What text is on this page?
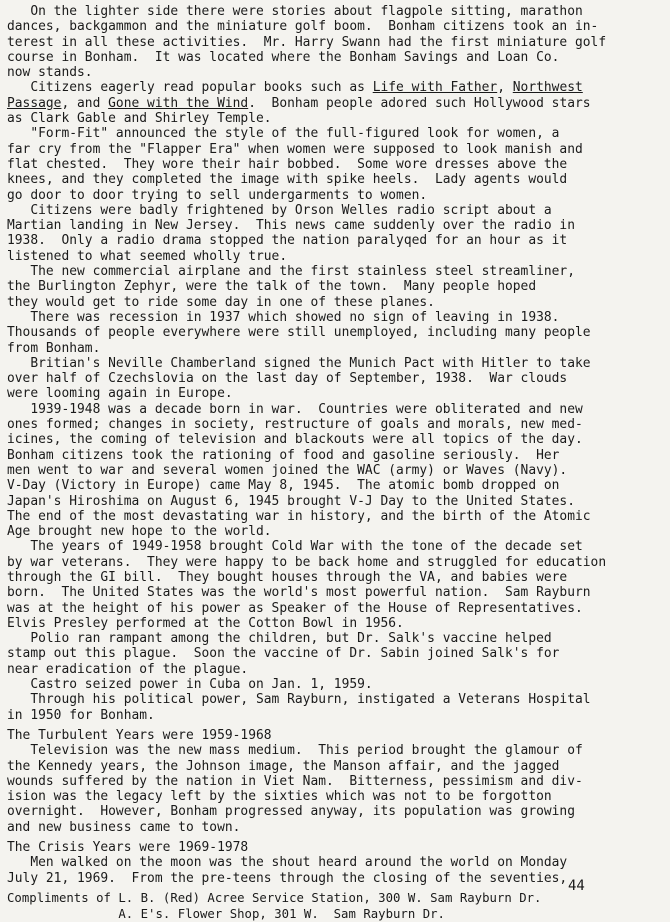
On the lighter side there were stories about flagpole sitting, marathon

dances, backgammon and the miniature golf boom.  Bonham citizens took an in-

terest in all these activities.  Mr. Harry Swann had the first miniature golf

course in Bonham.  It was located where the Bonham Savings and Loan Co.

now stands.

Citizens eagerly read popular books such as Life with Father, Northwest

Passage, and Gone with the Wind.  Bonham people adored such Hollywood stars

as Clark Gable and Shirley Temple.

"Form-Fit" announced the style of the full-figured look for women, a

far cry from the "Flapper Era" when women were supposed to look manish and

flat chested.  They wore their hair bobbed.  Some wore dresses above the

knees, and they completed the image with spike heels.  Lady agents would

go door to door trying to sell undergarments to women.

Citizens were badly frightened by Orson Welles radio script about a

Martian landing in New Jersey.  This news came suddenly over the radio in

1938.  Only a radio drama stopped the nation paralyqed for an hour as it

listened to what seemed wholly true.

The new commercial airplane and the first stainless steel streamliner,

the Burlington Zephyr, were the talk of the town.  Many people hoped

they would get to ride some day in one of these planes.

There was recession in 1937 which showed no sign of leaving in 1938.

Thousands of people everywhere were still unemployed, including many people

from Bonham.

Britian's Neville Chamberland signed the Munich Pact with Hitler to take

over half of Czechslovia on the last day of September, 1938.  War clouds

were looming again in Europe.

1939-1948 was a decade born in war.  Countries were obliterated and new

ones formed; changes in society, restructure of goals and morals, new med-

icines, the coming of television and blackouts were all topics of the day.

Bonham citizens took the rationing of food and gasoline seriously.  Her

men went to war and several women joined the WAC (army) or Waves (Navy).

V-Day (Victory in Europe) came May 8, 1945.  The atomic bomb dropped on

Japan's Hiroshima on August 6, 1945 brought V-J Day to the United States.

The end of the most devastating war in history, and the birth of the Atomic

Age brought new hope to the world.

The years of 1949-1958 brought Cold War with the tone of the decade set

by war veterans.  They were happy to be back home and struggled for education

through the GI bill.  They bought houses through the VA, and babies were

born.  The United States was the world's most powerful nation.  Sam Rayburn

was at the height of his power as Speaker of the House of Representatives.

Elvis Presley performed at the Cotton Bowl in 1956.

Polio ran rampant among the children, but Dr. Salk's vaccine helped

stamp out this plague.  Soon the vaccine of Dr. Sabin joined Salk's for

near eradication of the plague.

Castro seized power in Cuba on Jan. 1, 1959.

Through his political power, Sam Rayburn, instigated a Veterans Hospital

in 1950 for Bonham.

The Turbulent Years were 1959-1968

Television was the new mass medium.  This period brought the glamour of

the Kennedy years, the Johnson image, the Manson affair, and the jagged

wounds suffered by the nation in Viet Nam.  Bitterness, pessimism and div-

ision was the legacy left by the sixties which was not to be forgotton

overnight.  However, Bonham progressed anyway, its population was growing

and new business came to town.

The Crisis Years were 1969-1978

Men walked on the moon was the shout heard around the world on Monday

July 21, 1969.  From the pre-teens through the closing of the seventies,

Compliments of L. B. (Red) Acree Service Station, 300 W. Sam Rayburn Dr.

A. E's. Flower Shop, 301 W.  Sam Rayburn Dr.

44
